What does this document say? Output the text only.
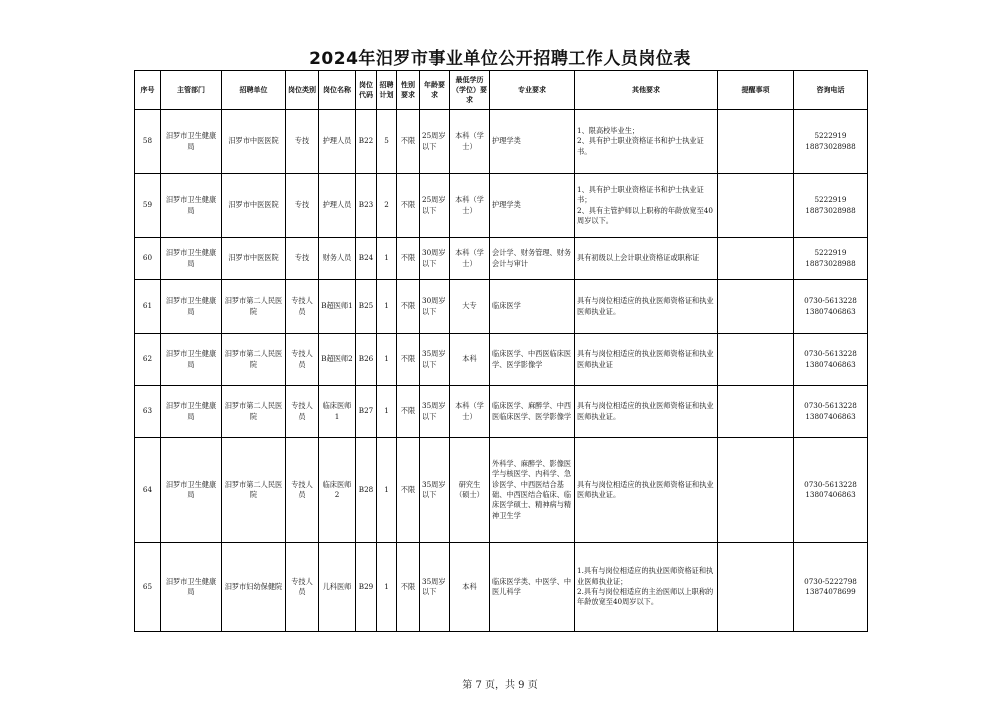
2024年汨罗市事业单位公开招聘工作人员岗位表
序号	主管部门	招聘单位	岗位类别	岗位名称	岗位代码	招聘计划	性别要求	年龄要求	最低学历（学位）要求	专业要求	其他要求	提醒事项	咨询电话
58	汨罗市卫生健康局	汨罗市中医医院	专技	护理人员	B22	5	不限	25周岁以下	本科（学士）	护理学类	1、限高校毕业生；
2、具有护士职业资格证书和护士执业证书。		5222919
18873028988
59	汨罗市卫生健康局	汨罗市中医医院	专技	护理人员	B23	2	不限	25周岁以下	本科（学士）	护理学类	1、具有护士职业资格证书和护士执业证书；
2、具有主管护师以上职称的年龄放宽至40周岁以下。		5222919
18873028988
60	汨罗市卫生健康局	汨罗市中医医院	专技	财务人员	B24	1	不限	30周岁以下	本科（学士）	会计学、财务管理、财务会计与审计	具有初级以上会计职业资格证或职称证		5222919
18873028988
61	汨罗市卫生健康局	汨罗市第二人民医院	专技人员	B超医师1	B25	1	不限	30周岁以下	大专	临床医学	具有与岗位相适应的执业医师资格证和执业医师执业证。		0730-5613228
13807406863
62	汨罗市卫生健康局	汨罗市第二人民医院	专技人员	B超医师2	B26	1	不限	35周岁以下	本科	临床医学、中西医临床医学、医学影像学	具有与岗位相适应的执业医师资格证和执业医师执业证		0730-5613228
13807406863
63	汨罗市卫生健康局	汨罗市第二人民医院	专技人员	临床医师1	B27	1	不限	35周岁以下	本科（学士）	临床医学、麻醉学、中西医临床医学、医学影像学	具有与岗位相适应的执业医师资格证和执业医师执业证。		0730-5613228
13807406863
64	汨罗市卫生健康局	汨罗市第二人民医院	专技人员	临床医师2	B28	1	不限	35周岁以下	研究生（硕士）	外科学、麻醉学、影像医学与核医学、内科学、急诊医学、中西医结合基础、中西医结合临床、临床医学硕士、精神病与精神卫生学	具有与岗位相适应的执业医师资格证和执业医师执业证。		0730-5613228
13807406863
65	汨罗市卫生健康局	汨罗市妇幼保健院	专技人员	儿科医师	B29	1	不限	35周岁以下	本科	临床医学类、中医学、中医儿科学	1.具有与岗位相适应的执业医师资格证和执业医师执业证；
2.具有与岗位相适应的主治医师以上职称的年龄放宽至40周岁以下。		0730-5222798
13874078699
第 7 页，共 9 页
